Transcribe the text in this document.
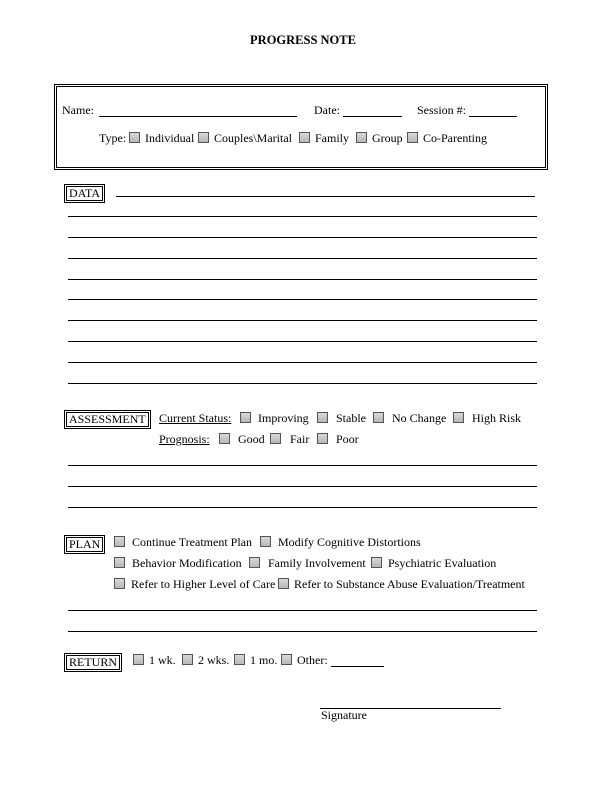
PROGRESS NOTE
Name:	Date:	Session #:
Type: Individual Couples\Marital Family Group Co-Parenting
DATA
ASSESSMENT	Current Status: Improving Stable No Change High Risk
Prognosis: Good Fair Poor
PLAN	Continue Treatment Plan Modify Cognitive Distortions
Behavior Modification Family Involvement Psychiatric Evaluation
Refer to Higher Level of Care Refer to Substance Abuse Evaluation/Treatment
RETURN	1 wk. 2 wks. 1 mo. Other:
Signature
